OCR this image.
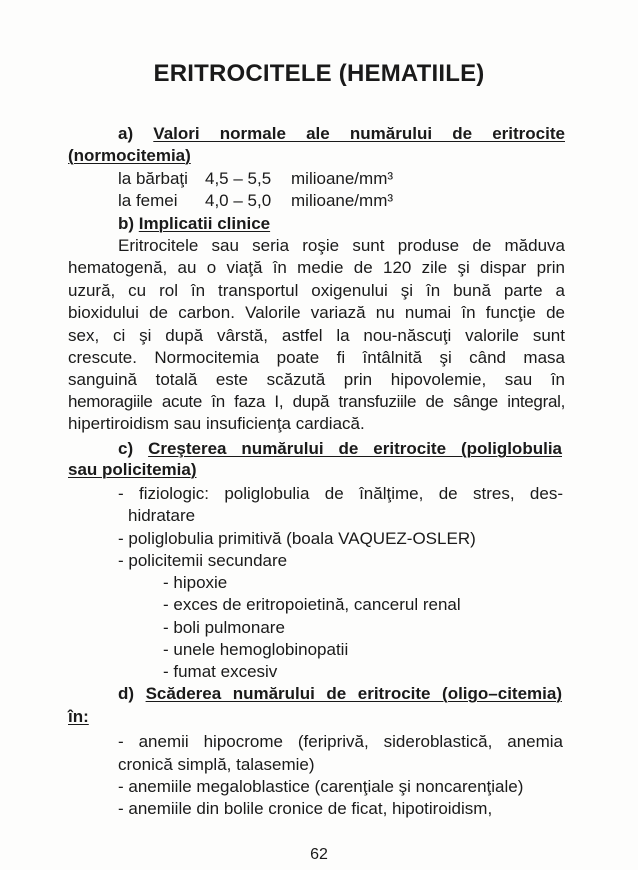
ERITROCITELE (HEMATIILE)
a) Valori normale ale numărului de eritrocite
(normocitemia)
la bărbaţi 4,5 – 5,5 milioane/mm³
la femei 4,0 – 5,0 milioane/mm³
b) Implicatii clinice
Eritrocitele sau seria roşie sunt produse de măduva
hematogenă, au o viaţă în medie de 120 zile şi dispar prin
uzură, cu rol în transportul oxigenului şi în bună parte a
bioxidului de carbon. Valorile variază nu numai în funcţie de
sex, ci şi după vârstă, astfel la nou-născuţi valorile sunt
crescute. Normocitemia poate fi întâlnită şi când masa
sanguină totală este scăzută prin hipovolemie, sau în
hemoragiile acute în faza I, după transfuziile de sânge integral,
hipertiroidism sau insuficienţa cardiacă.
c) Creşterea numărului de eritrocite (poliglobulia
sau policitemia)
- fiziologic: poliglobulia de înălţime, de stres, des-
hidratare
- poliglobulia primitivă (boala VAQUEZ-OSLER)
- policitemii secundare
- hipoxie
- exces de eritropoietină, cancerul renal
- boli pulmonare
- unele hemoglobinopatii
- fumat excesiv
d) Scăderea numărului de eritrocite (oligo–citemia)
în:
- anemii hipocrome (feriprivă, sideroblastică, anemia
cronică simplă, talasemie)
- anemiile megaloblastice (carenţiale şi noncarenţiale)
- anemiile din bolile cronice de ficat, hipotiroidism,
62
